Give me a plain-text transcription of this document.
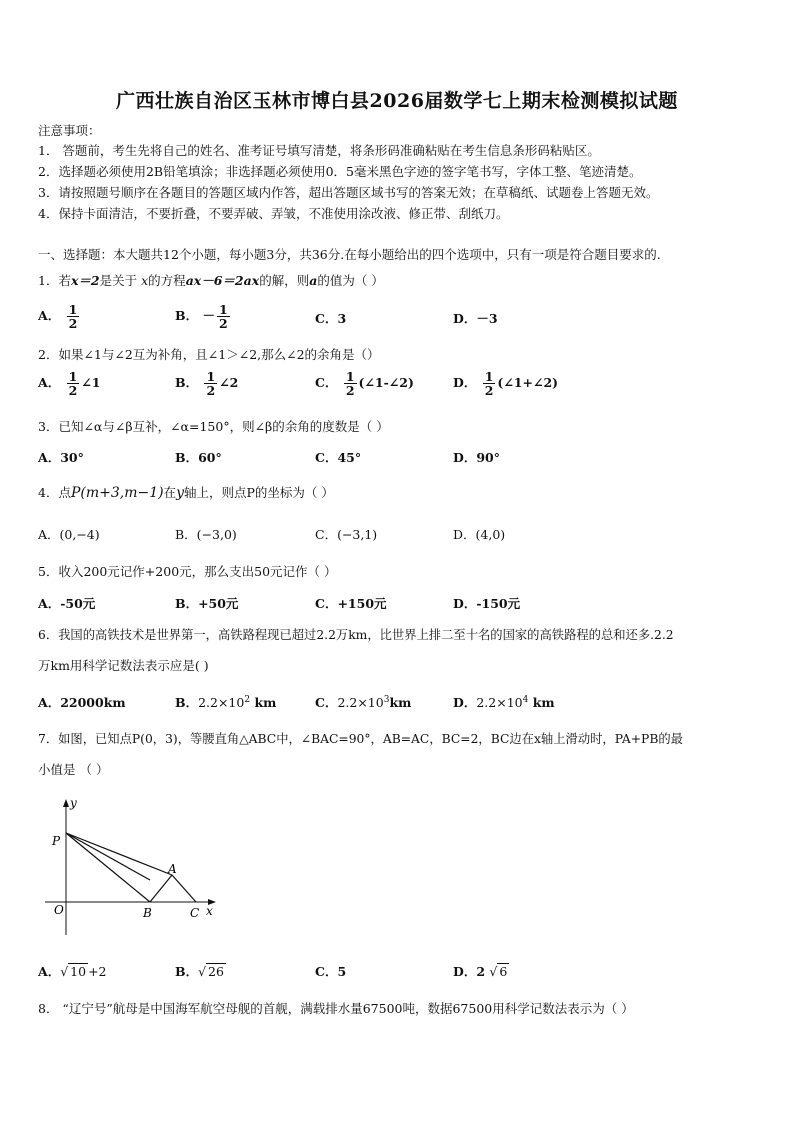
广西壮族自治区玉林市博白县2026届数学七上期末检测模拟试题
注意事项：
1． 答题前，考生先将自己的姓名、准考证号填写清楚，将条形码准确粘贴在考生信息条形码粘贴区。
2．选择题必须使用2B铅笔填涂；非选择题必须使用0．5毫米黑色字迹的签字笔书写，字体工整、笔迹清楚。
3．请按照题号顺序在各题目的答题区域内作答，超出答题区域书写的答案无效；在草稿纸、试题卷上答题无效。
4．保持卡面清洁，不要折叠，不要弄破、弄皱，不准使用涂改液、修正带、刮纸刀。
一、选择题：本大题共12个小题，每小题3分，共36分.在每小题给出的四个选项中，只有一项是符合题目要求的.
1．若x＝2是关于 x的方程ax－6＝2ax的解，则a的值为（ ）
A． $\frac{1}{2}$	B． － $\frac{1}{2}$	C．3	D．－3
2．如果∠1与∠2互为补角，且∠1＞∠2,那么∠2的余角是（）
A． $\frac{1}{2}$ ∠1	B． $\frac{1}{2}$ ∠2	C． $\frac{1}{2}$ (∠1-∠2)	D． $\frac{1}{2}$ (∠1+∠2)
3．已知∠α与∠β互补，∠α=150°，则∠β的余角的度数是（ ）
A．30°	B．60°	C．45°	D．90°
4．点P(m+3,m−1)在y轴上，则点P的坐标为（ ）
A．(0,−4)	B．(−3,0)	C．(−3,1)	D．(4,0)
5．收入200元记作+200元，那么支出50元记作（ ）
A．-50元	B．+50元	C．+150元	D．-150元
6．我国的高铁技术是世界第一，高铁路程现已超过2.2万km，比世界上排二至十名的国家的高铁路程的总和还多.2.2
万km用科学记数法表示应是( )
A．22000km	B．$2.2\times 10^2$ km	C．$2.2\times 10^3km$	D．$2.2\times 10^4$ km
7．如图，已知点P(0，3)，等腰直角△ABC中，∠BAC=90°，AB=AC，BC=2，BC边在x轴上滑动时，PA+PB的最
小值是 （ ）
y
P
O	B
A
C x
A．√ 10 +2	B．√ 26	C．5	D．2 √ 6
8． “辽宁号”航母是中国海军航空母舰的首舰，满载排水量67500吨，数据67500用科学记数法表示为（ ）
